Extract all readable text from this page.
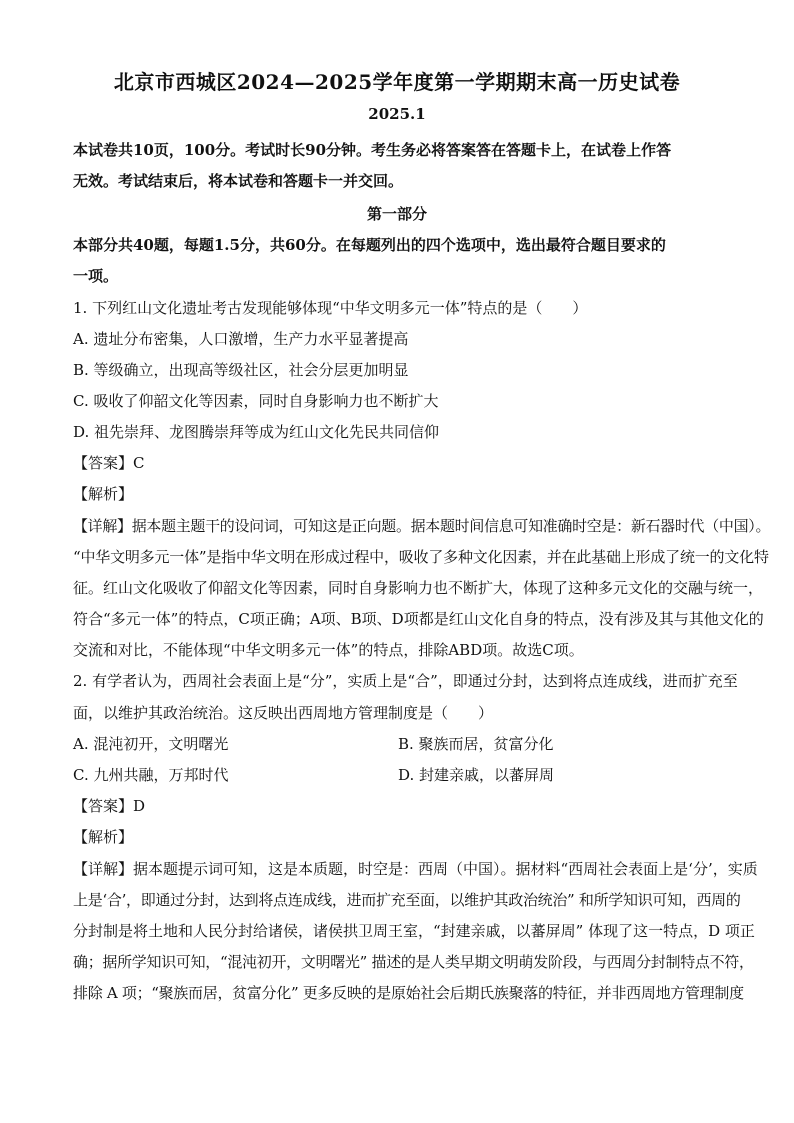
北京市西城区2024—2025学年度第一学期期末高一历史试卷
2025.1
本试卷共10页，100分。考试时长90分钟。考生务必将答案答在答题卡上，在试卷上作答
无效。考试结束后，将本试卷和答题卡一并交回。
第一部分
本部分共40题，每题1.5分，共60分。在每题列出的四个选项中，选出最符合题目要求的
一项。
1. 下列红山文化遗址考古发现能够体现“中华文明多元一体”特点的是（　　）
A. 遗址分布密集，人口激增，生产力水平显著提高
B. 等级确立，出现高等级社区，社会分层更加明显
C. 吸收了仰韶文化等因素，同时自身影响力也不断扩大
D. 祖先崇拜、龙图腾崇拜等成为红山文化先民共同信仰
【答案】C
【解析】
【详解】据本题主题干的设问词，可知这是正向题。据本题时间信息可知准确时空是：新石器时代（中国）。
“中华文明多元一体”是指中华文明在形成过程中，吸收了多种文化因素，并在此基础上形成了统一的文化特
征。红山文化吸收了仰韶文化等因素，同时自身影响力也不断扩大，体现了这种多元文化的交融与统一，
符合“多元一体”的特点，C项正确；A项、B项、D项都是红山文化自身的特点，没有涉及其与其他文化的
交流和对比，不能体现“中华文明多元一体”的特点，排除ABD项。故选C项。
2. 有学者认为，西周社会表面上是“分”，实质上是“合”，即通过分封，达到将点连成线，进而扩充至
面，以维护其政治统治。这反映出西周地方管理制度是（　　）
A. 混沌初开，文明曙光	B. 聚族而居，贫富分化
C. 九州共融，万邦时代	D. 封建亲戚，以蕃屏周
【答案】D
【解析】
【详解】据本题提示词可知，这是本质题，时空是：西周（中国）。据材料“西周社会表面上是‘分’，实质
上是‘合’，即通过分封，达到将点连成线，进而扩充至面，以维护其政治统治” 和所学知识可知，西周的
分封制是将土地和人民分封给诸侯，诸侯拱卫周王室，“封建亲戚，以蕃屏周” 体现了这一特点，D 项正
确；据所学知识可知，“混沌初开，文明曙光” 描述的是人类早期文明萌发阶段，与西周分封制特点不符，
排除 A 项；“聚族而居，贫富分化” 更多反映的是原始社会后期氏族聚落的特征，并非西周地方管理制度
